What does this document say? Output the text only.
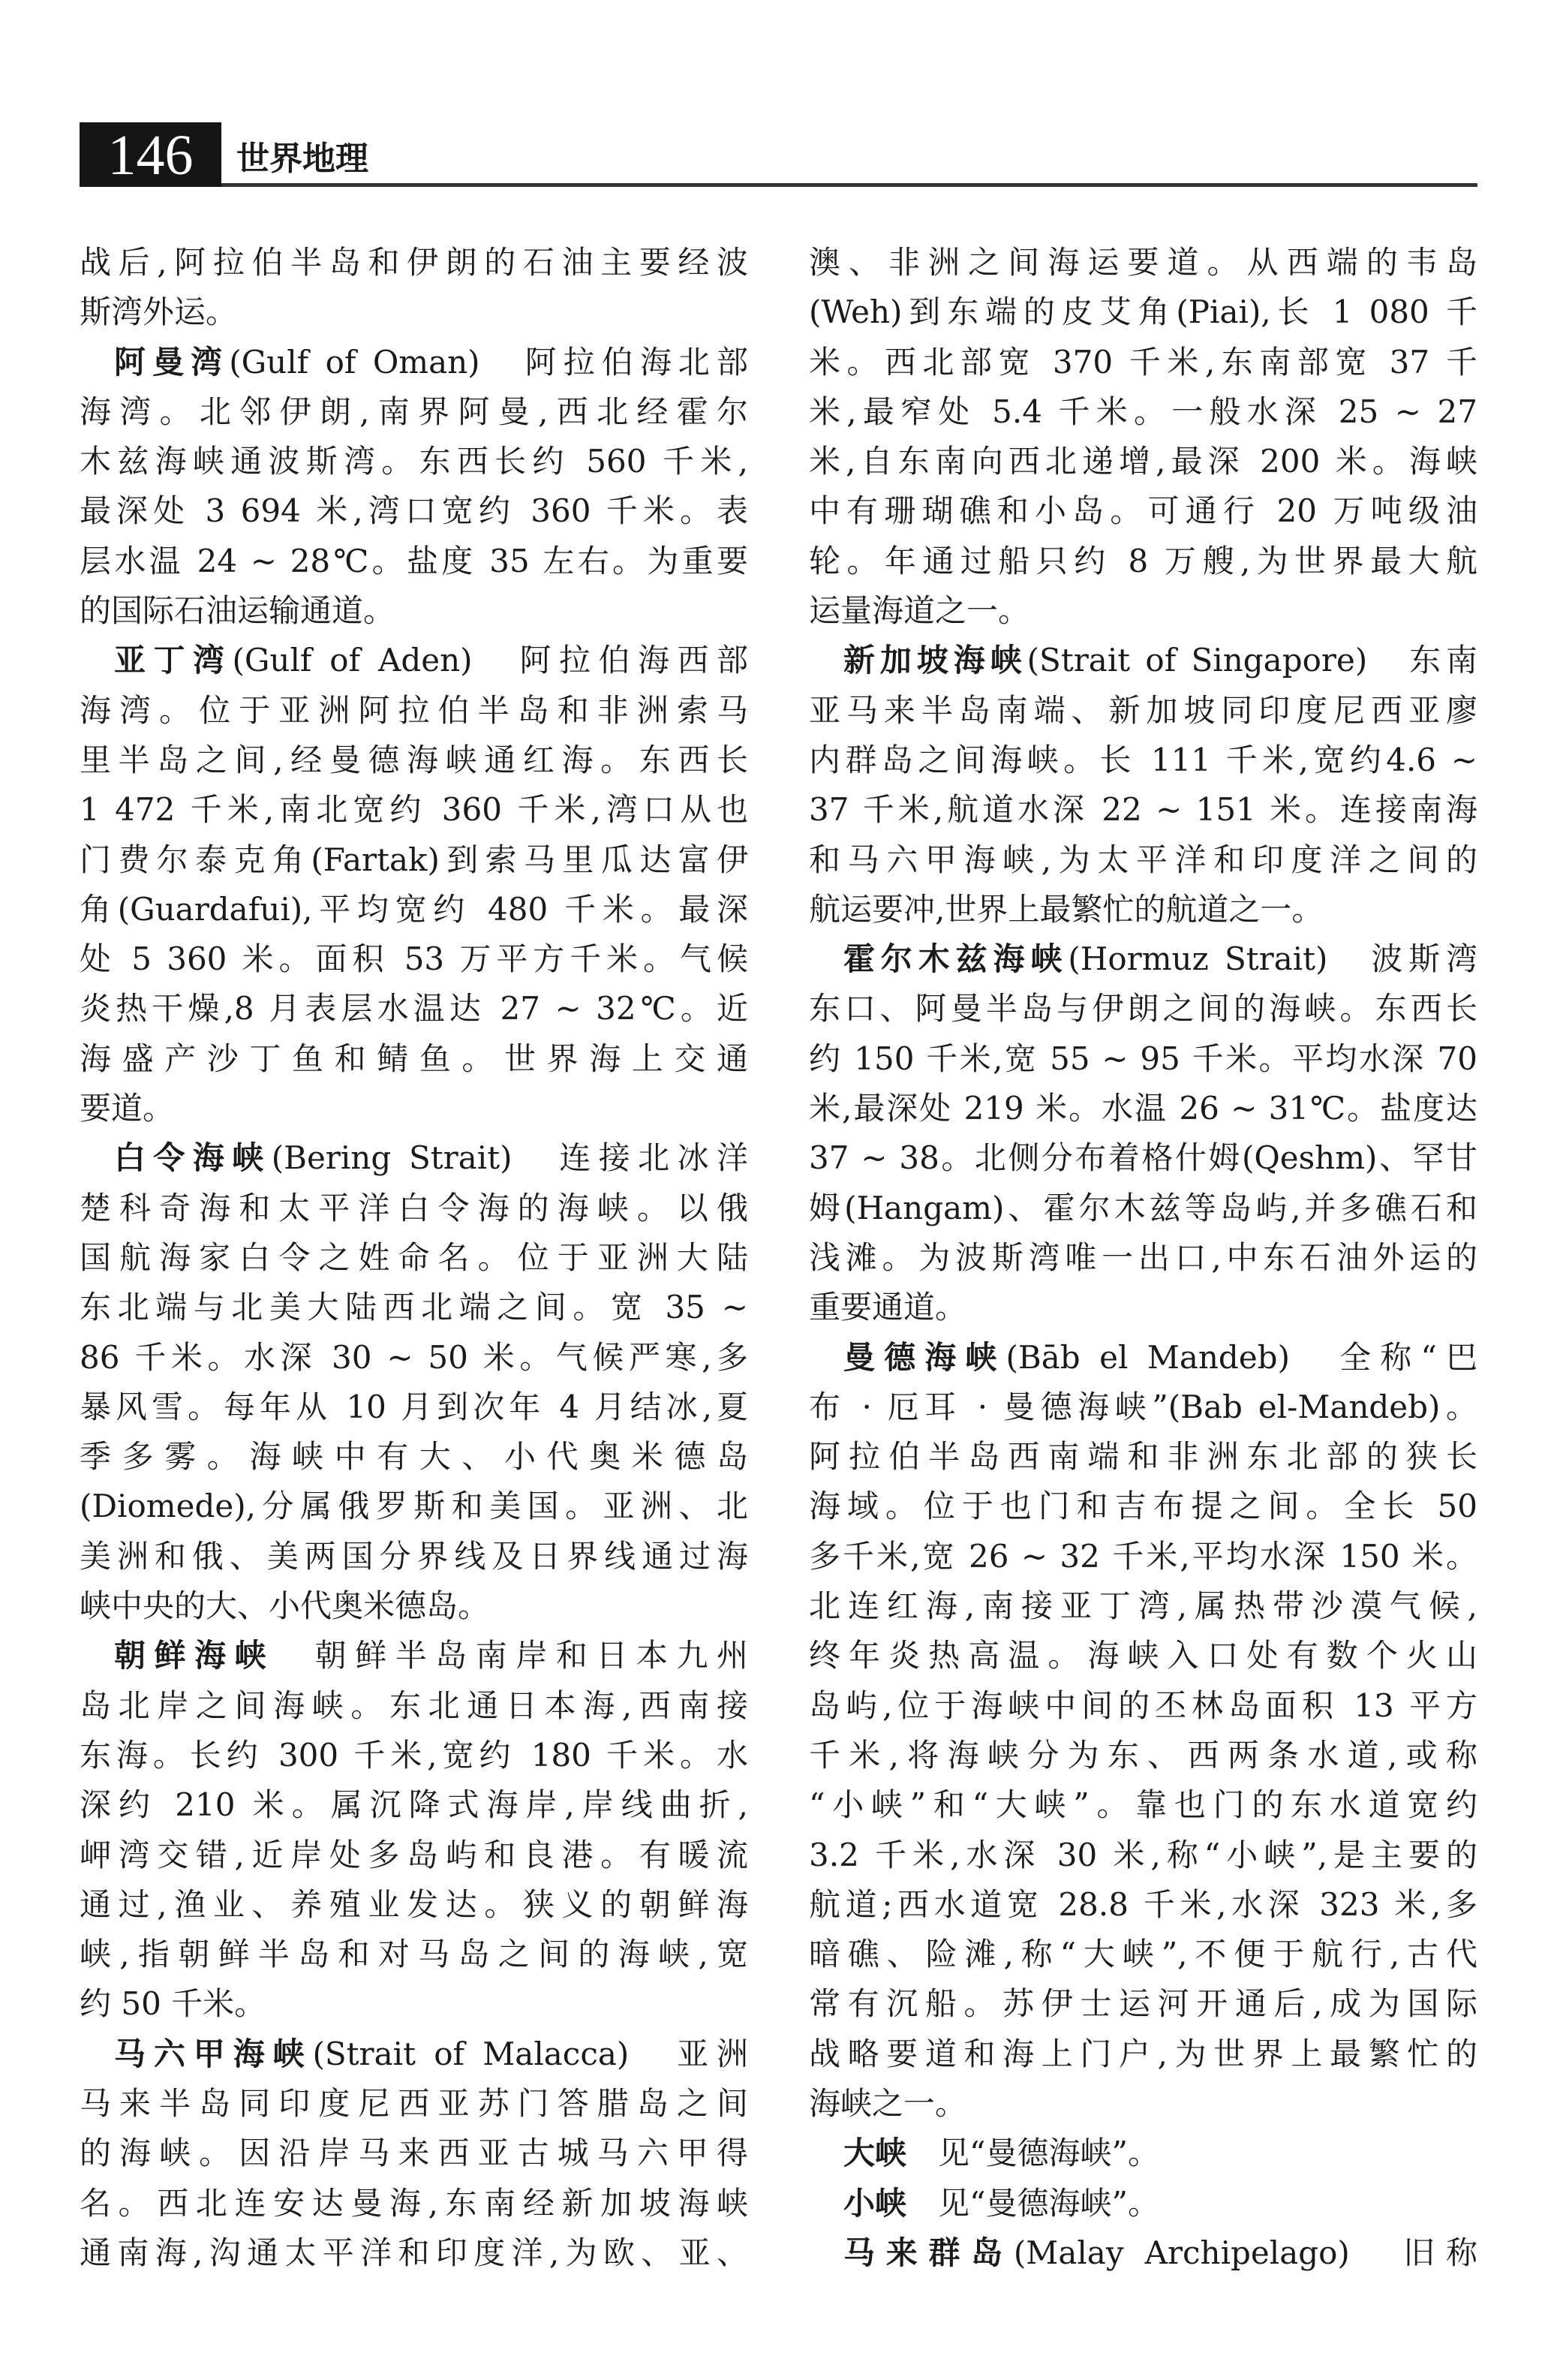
146	世界地理
战后,阿拉伯半岛和伊朗的石油主要经波
斯湾外运。
阿曼湾(Gulf of Oman)　阿拉伯海北部
海湾。北邻伊朗,南界阿曼,西北经霍尔
木兹海峡通波斯湾。东西长约 560 千米,
最深处 3 694 米,湾口宽约 360 千米。表
层水温 24 ~ 28℃。盐度 35 左右。为重要
的国际石油运输通道。
亚丁湾(Gulf of Aden)　阿拉伯海西部
海湾。位于亚洲阿拉伯半岛和非洲索马
里半岛之间,经曼德海峡通红海。东西长
1 472 千米,南北宽约 360 千米,湾口从也
门费尔泰克角(Fartak)到索马里瓜达富伊
角(Guardafui),平均宽约 480 千米。最深
处 5 360 米。面积 53 万平方千米。气候
炎热干燥,8 月表层水温达 27 ~ 32℃。近
海盛产沙丁鱼和鲭鱼。世界海上交通
要道。
白令海峡(Bering Strait)　连接北冰洋
楚科奇海和太平洋白令海的海峡。以俄
国航海家白令之姓命名。位于亚洲大陆
东北端与北美大陆西北端之间。宽 35 ~
86 千米。水深 30 ~ 50 米。气候严寒,多
暴风雪。每年从 10 月到次年 4 月结冰,夏
季多雾。海峡中有大、小代奥米德岛
(Diomede),分属俄罗斯和美国。亚洲、北
美洲和俄、美两国分界线及日界线通过海
峡中央的大、小代奥米德岛。
朝鲜海峡　朝鲜半岛南岸和日本九州
岛北岸之间海峡。东北通日本海,西南接
东海。长约 300 千米,宽约 180 千米。水
深约 210 米。属沉降式海岸,岸线曲折,
岬湾交错,近岸处多岛屿和良港。有暖流
通过,渔业、养殖业发达。狭义的朝鲜海
峡,指朝鲜半岛和对马岛之间的海峡,宽
约 50 千米。
马六甲海峡(Strait of Malacca)　亚洲
马来半岛同印度尼西亚苏门答腊岛之间
的海峡。因沿岸马来西亚古城马六甲得
名。西北连安达曼海,东南经新加坡海峡
通南海,沟通太平洋和印度洋,为欧、亚、
澳、非洲之间海运要道。从西端的韦岛
(Weh)到东端的皮艾角(Piai),长 1 080 千
米。西北部宽 370 千米,东南部宽 37 千
米,最窄处 5.4 千米。一般水深 25 ~ 27
米,自东南向西北递增,最深 200 米。海峡
中有珊瑚礁和小岛。可通行 20 万吨级油
轮。年通过船只约 8 万艘,为世界最大航
运量海道之一。
新加坡海峡(Strait of Singapore)　东南
亚马来半岛南端、新加坡同印度尼西亚廖
内群岛之间海峡。长 111 千米,宽约4.6 ~
37 千米,航道水深 22 ~ 151 米。连接南海
和马六甲海峡,为太平洋和印度洋之间的
航运要冲,世界上最繁忙的航道之一。
霍尔木兹海峡(Hormuz Strait)　波斯湾
东口、阿曼半岛与伊朗之间的海峡。东西长
约 150 千米,宽 55 ~ 95 千米。平均水深 70
米,最深处 219 米。水温 26 ~ 31℃。盐度达
37 ~ 38。北侧分布着格什姆(Qeshm)、罕甘
姆(Hangam)、霍尔木兹等岛屿,并多礁石和
浅滩。为波斯湾唯一出口,中东石油外运的
重要通道。
曼德海峡(Bāb el Mandeb)　全称“巴
布 · 厄耳 · 曼德海峡”(Bab el-Mandeb)。
阿拉伯半岛西南端和非洲东北部的狭长
海域。位于也门和吉布提之间。全长 50
多千米,宽 26 ~ 32 千米,平均水深 150 米。
北连红海,南接亚丁湾,属热带沙漠气候,
终年炎热高温。海峡入口处有数个火山
岛屿,位于海峡中间的丕林岛面积 13 平方
千米,将海峡分为东、西两条水道,或称
“小峡”和“大峡”。靠也门的东水道宽约
3.2 千米,水深 30 米,称“小峡”,是主要的
航道;西水道宽 28.8 千米,水深 323 米,多
暗礁、险滩,称“大峡”,不便于航行,古代
常有沉船。苏伊士运河开通后,成为国际
战略要道和海上门户,为世界上最繁忙的
海峡之一。
大峡　见“曼德海峡”。
小峡　见“曼德海峡”。
马来群岛(Malay Archipelago)　旧称
